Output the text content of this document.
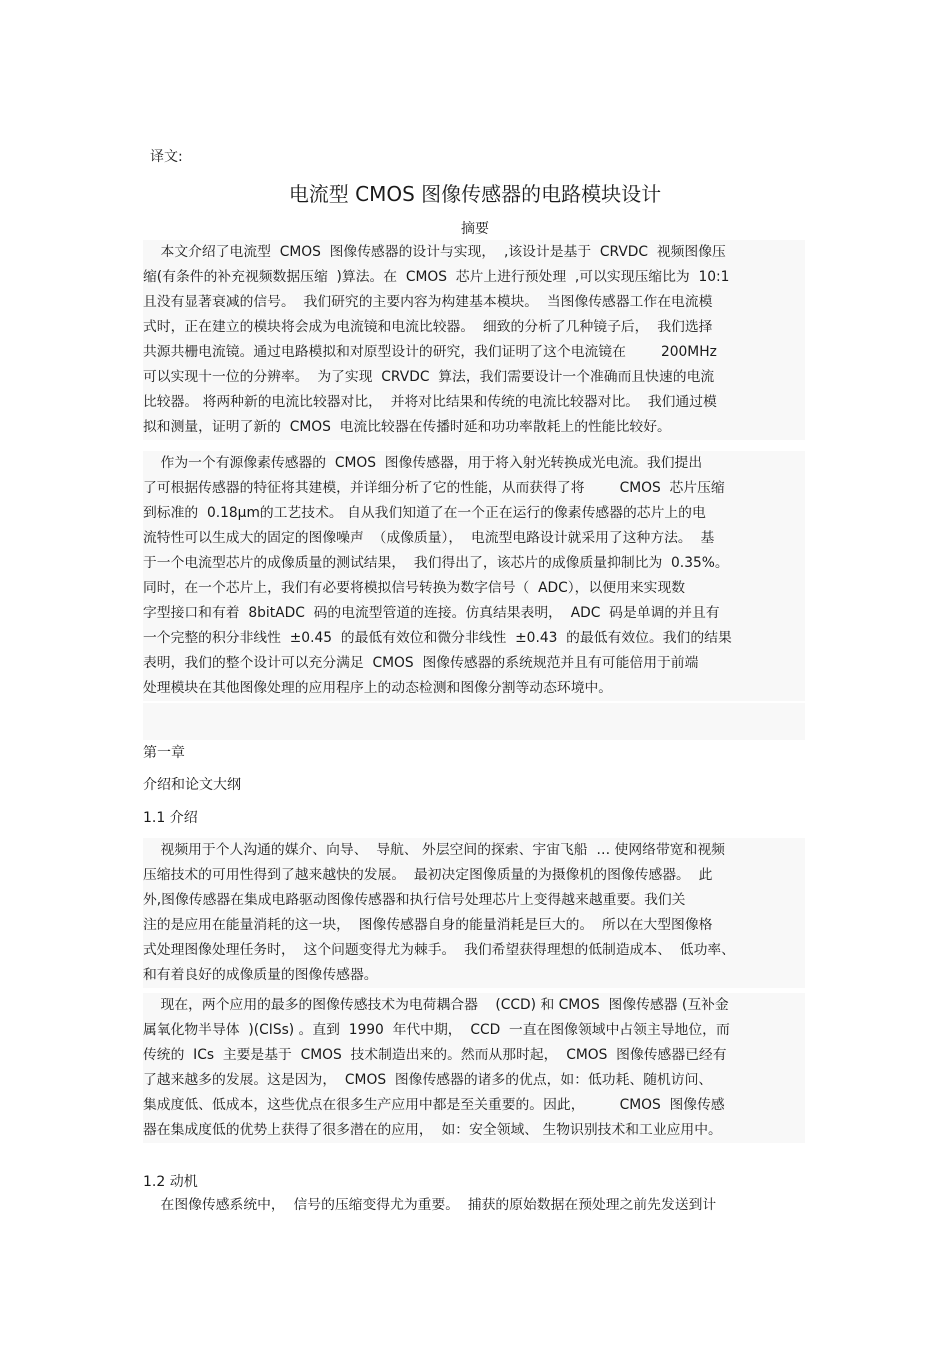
译文:
电流型 CMOS 图像传感器的电路模块设计
摘要
本文介绍了电流型  CMOS  图像传感器的设计与实现，  ,该设计是基于  CRVDC  视频图像压
缩(有条件的补充视频数据压缩  )算法。在  CMOS  芯片上进行预处理  ,可以实现压缩比为  10:1
且没有显著衰减的信号。  我们研究的主要内容为构建基本模块。  当图像传感器工作在电流模
式时，正在建立的模块将会成为电流镜和电流比较器。  细致的分析了几种镜子后，  我们选择
共源共栅电流镜。通过电路模拟和对原型设计的研究，我们证明了这个电流镜在        200MHz
可以实现十一位的分辨率。  为了实现  CRVDC  算法，我们需要设计一个准确而且快速的电流
比较器。 将两种新的电流比较器对比，  并将对比结果和传统的电流比较器对比。  我们通过模
拟和测量，证明了新的  CMOS  电流比较器在传播时延和功功率散耗上的性能比较好。
作为一个有源像素传感器的  CMOS  图像传感器，用于将入射光转换成光电流。我们提出
了可根据传感器的特征将其建模，并详细分析了它的性能，从而获得了将        CMOS  芯片压缩
到标准的  0.18μm的工艺技术。 自从我们知道了在一个正在运行的像素传感器的芯片上的电
流特性可以生成大的固定的图像噪声  （成像质量），  电流型电路设计就采用了这种方法。  基
于一个电流型芯片的成像质量的测试结果，  我们得出了，该芯片的成像质量抑制比为  0.35%。
同时，在一个芯片上，我们有必要将模拟信号转换为数字信号（  ADC），以便用来实现数
字型接口和有着  8bitADC  码的电流型管道的连接。仿真结果表明，  ADC  码是单调的并且有
一个完整的积分非线性  ±0.45  的最低有效位和微分非线性  ±0.43  的最低有效位。我们的结果
表明，我们的整个设计可以充分满足  CMOS  图像传感器的系统规范并且有可能倍用于前端
处理模块在其他图像处理的应用程序上的动态检测和图像分割等动态环境中。
第一章
介绍和论文大纲
1.1 介绍
视频用于个人沟通的媒介、向导、  导航、 外层空间的探索、宇宙飞船  … 使网络带宽和视频
压缩技术的可用性得到了越来越快的发展。  最初决定图像质量的为摄像机的图像传感器。  此
外,图像传感器在集成电路驱动图像传感器和执行信号处理芯片上变得越来越重要。我们关
注的是应用在能量消耗的这一块，  图像传感器自身的能量消耗是巨大的。  所以在大型图像格
式处理图像处理任务时，  这个问题变得尤为棘手。  我们希望获得理想的低制造成本、  低功率、
和有着良好的成像质量的图像传感器。
现在，两个应用的最多的图像传感技术为电荷耦合器    (CCD) 和 CMOS  图像传感器 (互补金
属氧化物半导体  )(CISs) 。直到  1990  年代中期，  CCD  一直在图像领域中占领主导地位，而
传统的  ICs  主要是基于  CMOS  技术制造出来的。然而从那时起，  CMOS  图像传感器已经有
了越来越多的发展。这是因为，  CMOS  图像传感器的诸多的优点，如：低功耗、随机访问、
集成度低、低成本，这些优点在很多生产应用中都是至关重要的。因此，        CMOS  图像传感
器在集成度低的优势上获得了很多潜在的应用，  如：安全领域、 生物识别技术和工业应用中。
1.2 动机
在图像传感系统中，  信号的压缩变得尤为重要。  捕获的原始数据在预处理之前先发送到计
